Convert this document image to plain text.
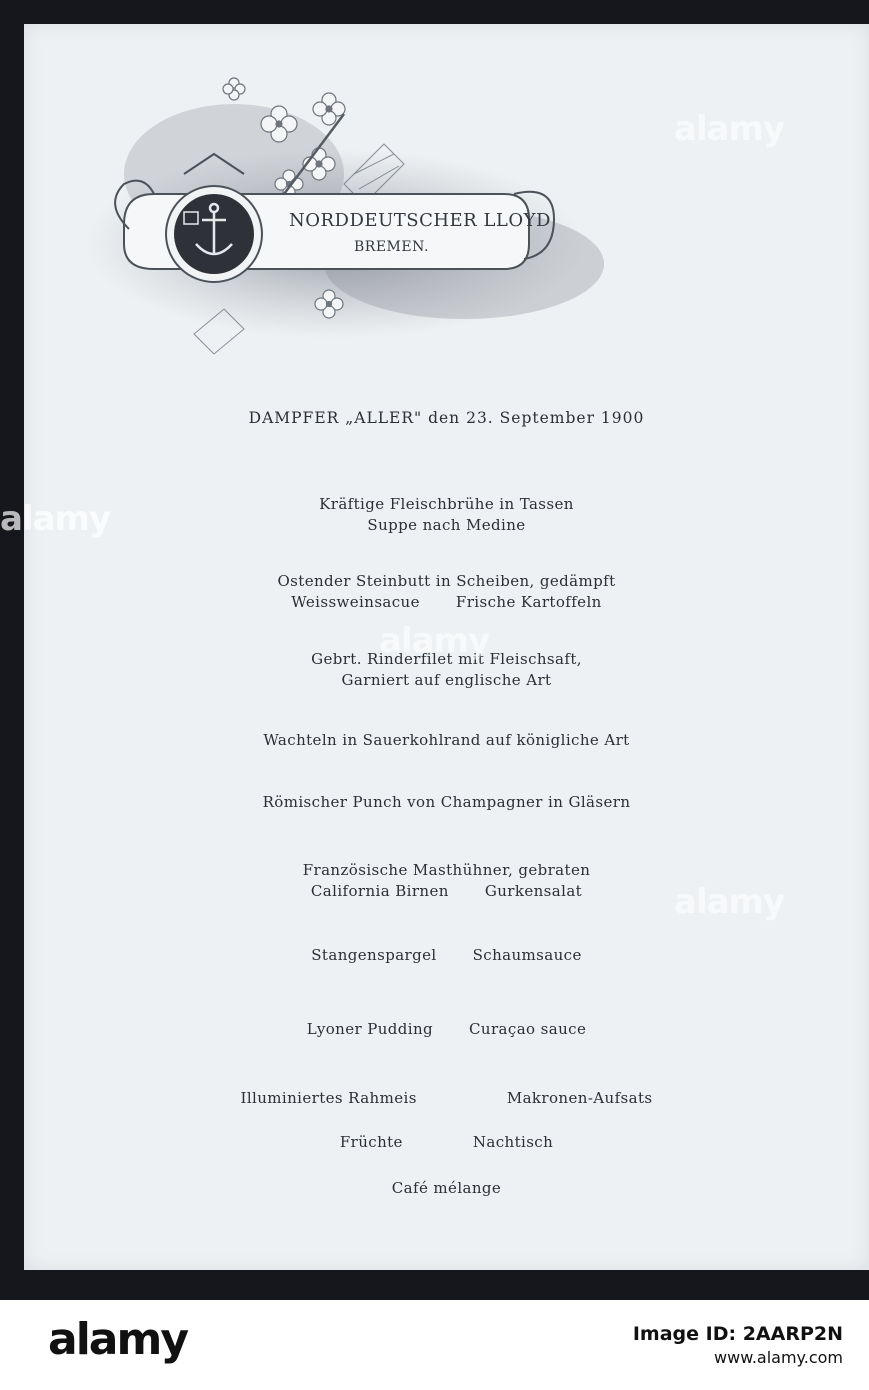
NORDDEUTSCHER LLOYD
BREMEN.
DAMPFER „ALLER" den 23. September 1900
Kräftige Fleischbrühe in Tassen
Suppe nach Medine
Ostender Steinbutt in Scheiben, gedämpft
Weissweinsacue Frische Kartoffeln
Gebrt. Rinderfilet mit Fleischsaft,
Garniert auf englische Art
Wachteln in Sauerkohlrand auf königliche Art
Römischer Punch von Champagner in Gläsern
Französische Masthühner, gebraten
California Birnen Gurkensalat
Stangenspargel Schaumsauce
Lyoner Pudding Curaçao sauce
Illuminiertes Rahmeis	Makronen-Aufsats
Früchte	Nachtisch
Café mélange
alamy
alamy
alamy
alamy
alamy	Image ID: 2AARP2N
www.alamy.com
